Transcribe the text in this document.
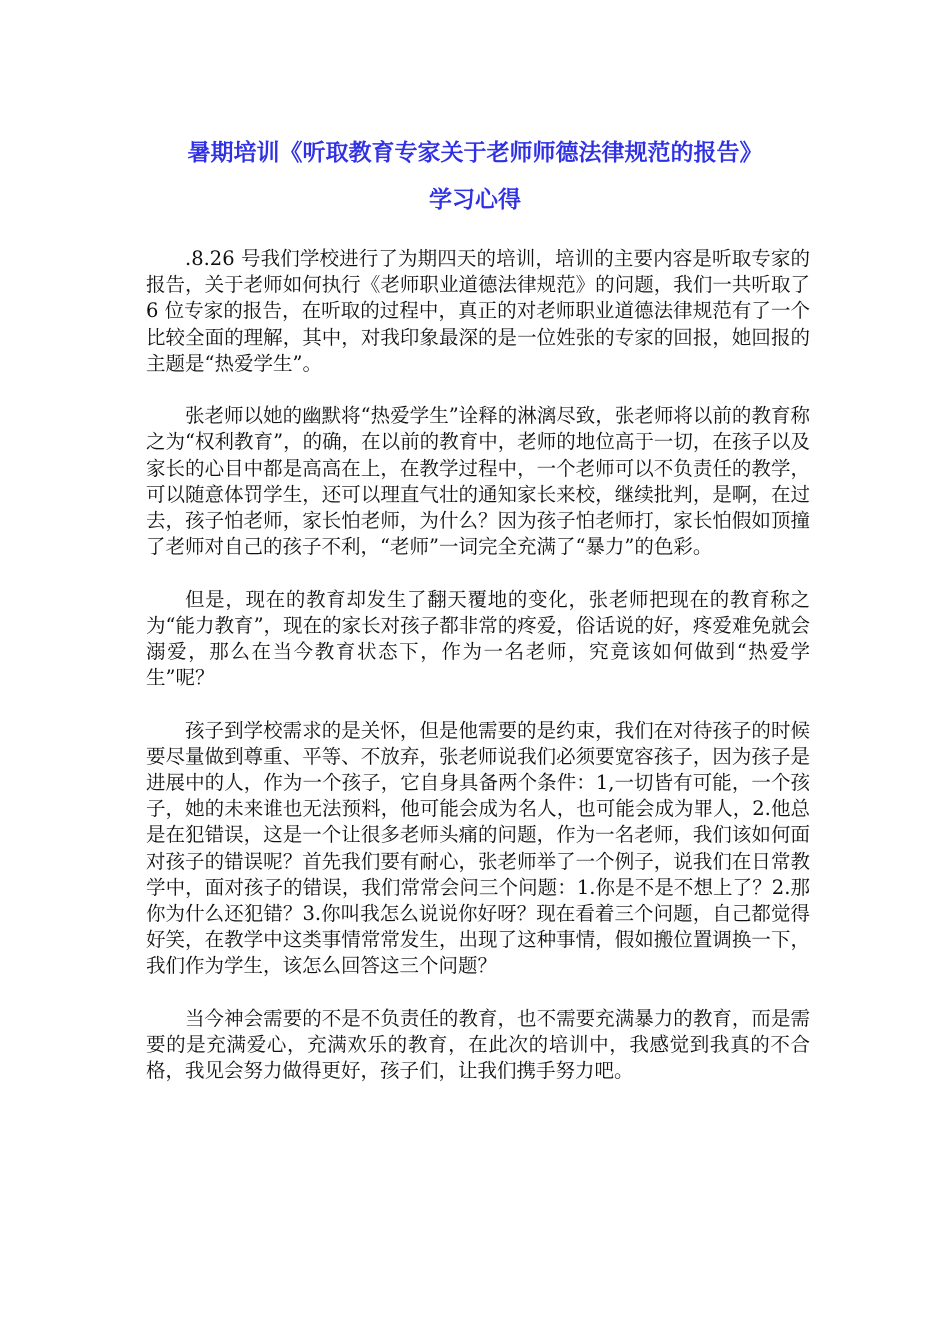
暑期培训《听取教育专家关于老师师德法律规范的报告》
学习心得

.8.26 号我们学校进行了为期四天的培训，培训的主要内容是听取专家的报告，关于老师如何执行《老师职业道德法律规范》的问题，我们一共听取了 6 位专家的报告，在听取的过程中，真正的对老师职业道德法律规范有了一个比较全面的理解，其中，对我印象最深的是一位姓张的专家的回报，她回报的主题是“热爱学生”。

张老师以她的幽默将“热爱学生”诠释的淋漓尽致，张老师将以前的教育称之为“权利教育”，的确，在以前的教育中，老师的地位高于一切，在孩子以及家长的心目中都是高高在上，在教学过程中，一个老师可以不负责任的教学，可以随意体罚学生，还可以理直气壮的通知家长来校，继续批判，是啊，在过去，孩子怕老师，家长怕老师，为什么？因为孩子怕老师打，家长怕假如顶撞了老师对自己的孩子不利，“老师”一词完全充满了“暴力”的色彩。

但是，现在的教育却发生了翻天覆地的变化，张老师把现在的教育称之为“能力教育”，现在的家长对孩子都非常的疼爱，俗话说的好，疼爱难免就会溺爱，那么在当今教育状态下，作为一名老师，究竟该如何做到“热爱学生”呢？

孩子到学校需求的是关怀，但是他需要的是约束，我们在对待孩子的时候要尽量做到尊重、平等、不放弃，张老师说我们必须要宽容孩子，因为孩子是进展中的人，作为一个孩子，它自身具备两个条件：1,一切皆有可能，一个孩子，她的未来谁也无法预料，他可能会成为名人，也可能会成为罪人，2.他总是在犯错误，这是一个让很多老师头痛的问题，作为一名老师，我们该如何面对孩子的错误呢？首先我们要有耐心，张老师举了一个例子，说我们在日常教学中，面对孩子的错误，我们常常会问三个问题：1.你是不是不想上了？2.那你为什么还犯错？3.你叫我怎么说说你好呀？现在看着三个问题，自己都觉得好笑，在教学中这类事情常常发生，出现了这种事情，假如搬位置调换一下，我们作为学生，该怎么回答这三个问题？

当今神会需要的不是不负责任的教育，也不需要充满暴力的教育，而是需要的是充满爱心，充满欢乐的教育，在此次的培训中，我感觉到我真的不合格，我见会努力做得更好，孩子们，让我们携手努力吧。
